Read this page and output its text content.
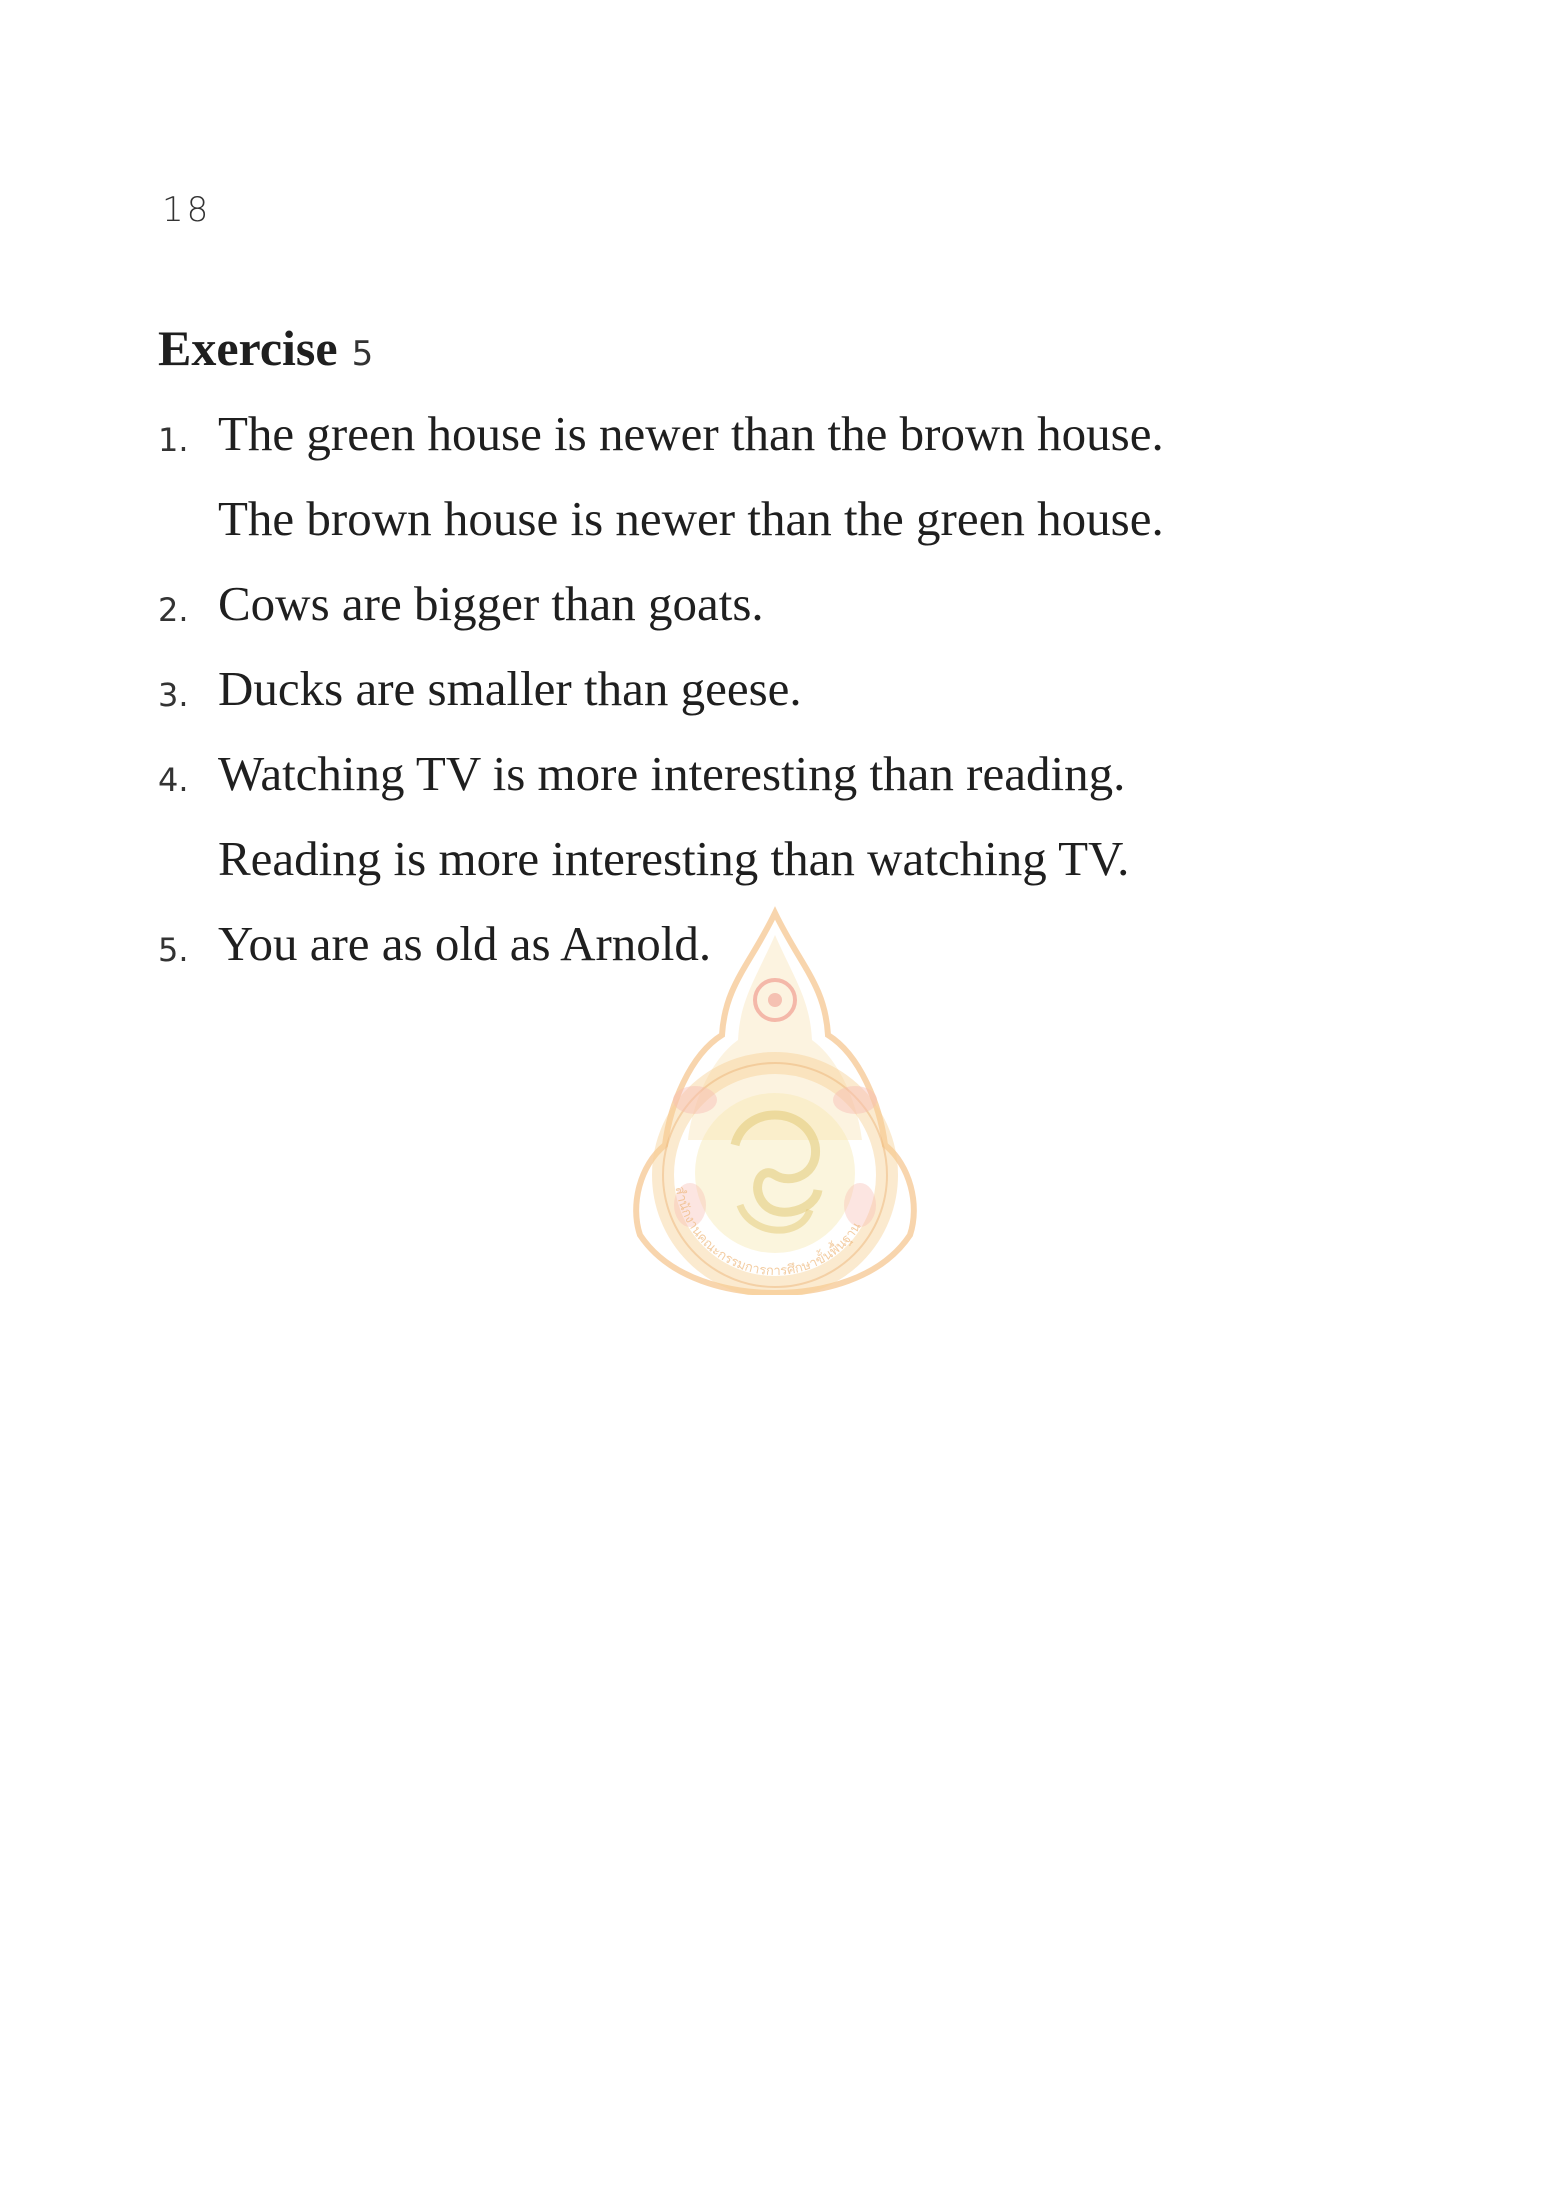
18
Exercise 5
1. The green house is newer than the brown house.
The brown house is newer than the green house.
2. Cows are bigger than goats.
3. Ducks are smaller than geese.
4. Watching TV is more interesting than reading.
Reading is more interesting than watching TV.
5. You are as old as Arnold.
สำนักงานคณะกรรมการการศึกษาขั้นพื้นฐาน
